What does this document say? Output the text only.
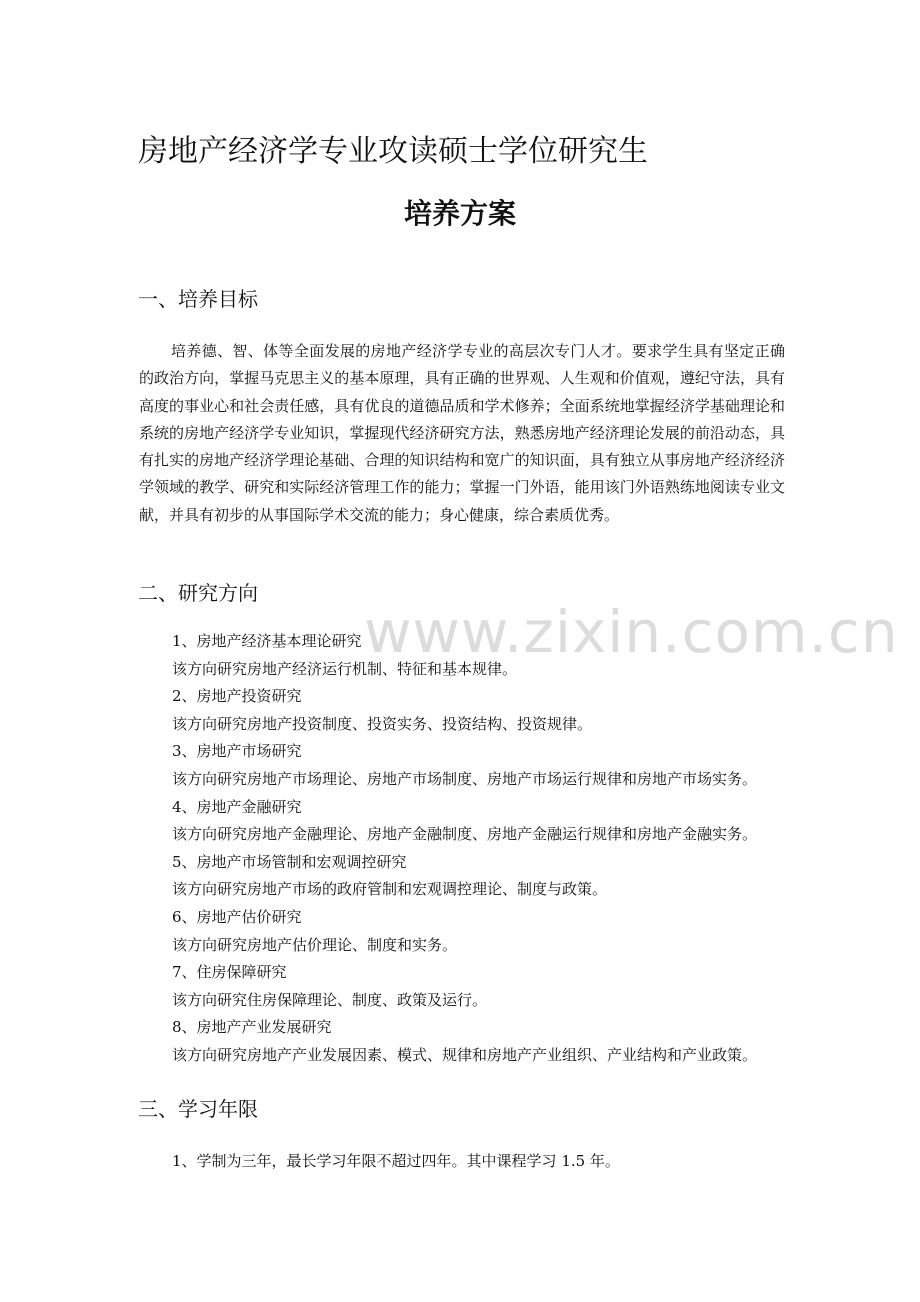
www.zixin.com.cn
房地产经济学专业攻读硕士学位研究生
培养方案
一、培养目标
培养德、智、体等全面发展的房地产经济学专业的高层次专门人才。要求学生具有坚定正确的政治方向，掌握马克思主义的基本原理，具有正确的世界观、人生观和价值观，遵纪守法，具有高度的事业心和社会责任感，具有优良的道德品质和学术修养；全面系统地掌握经济学基础理论和系统的房地产经济学专业知识，掌握现代经济研究方法，熟悉房地产经济理论发展的前沿动态，具有扎实的房地产经济学理论基础、合理的知识结构和宽广的知识面，具有独立从事房地产经济经济学领域的教学、研究和实际经济管理工作的能力；掌握一门外语，能用该门外语熟练地阅读专业文献，并具有初步的从事国际学术交流的能力；身心健康，综合素质优秀。
二、研究方向
1、房地产经济基本理论研究
该方向研究房地产经济运行机制、特征和基本规律。
2、房地产投资研究
该方向研究房地产投资制度、投资实务、投资结构、投资规律。
3、房地产市场研究
该方向研究房地产市场理论、房地产市场制度、房地产市场运行规律和房地产市场实务。
4、房地产金融研究
该方向研究房地产金融理论、房地产金融制度、房地产金融运行规律和房地产金融实务。
5、房地产市场管制和宏观调控研究
该方向研究房地产市场的政府管制和宏观调控理论、制度与政策。
6、房地产估价研究
该方向研究房地产估价理论、制度和实务。
7、住房保障研究
该方向研究住房保障理论、制度、政策及运行。
8、房地产产业发展研究
该方向研究房地产产业发展因素、模式、规律和房地产产业组织、产业结构和产业政策。
三、学习年限
1、学制为三年，最长学习年限不超过四年。其中课程学习 1.5 年。
